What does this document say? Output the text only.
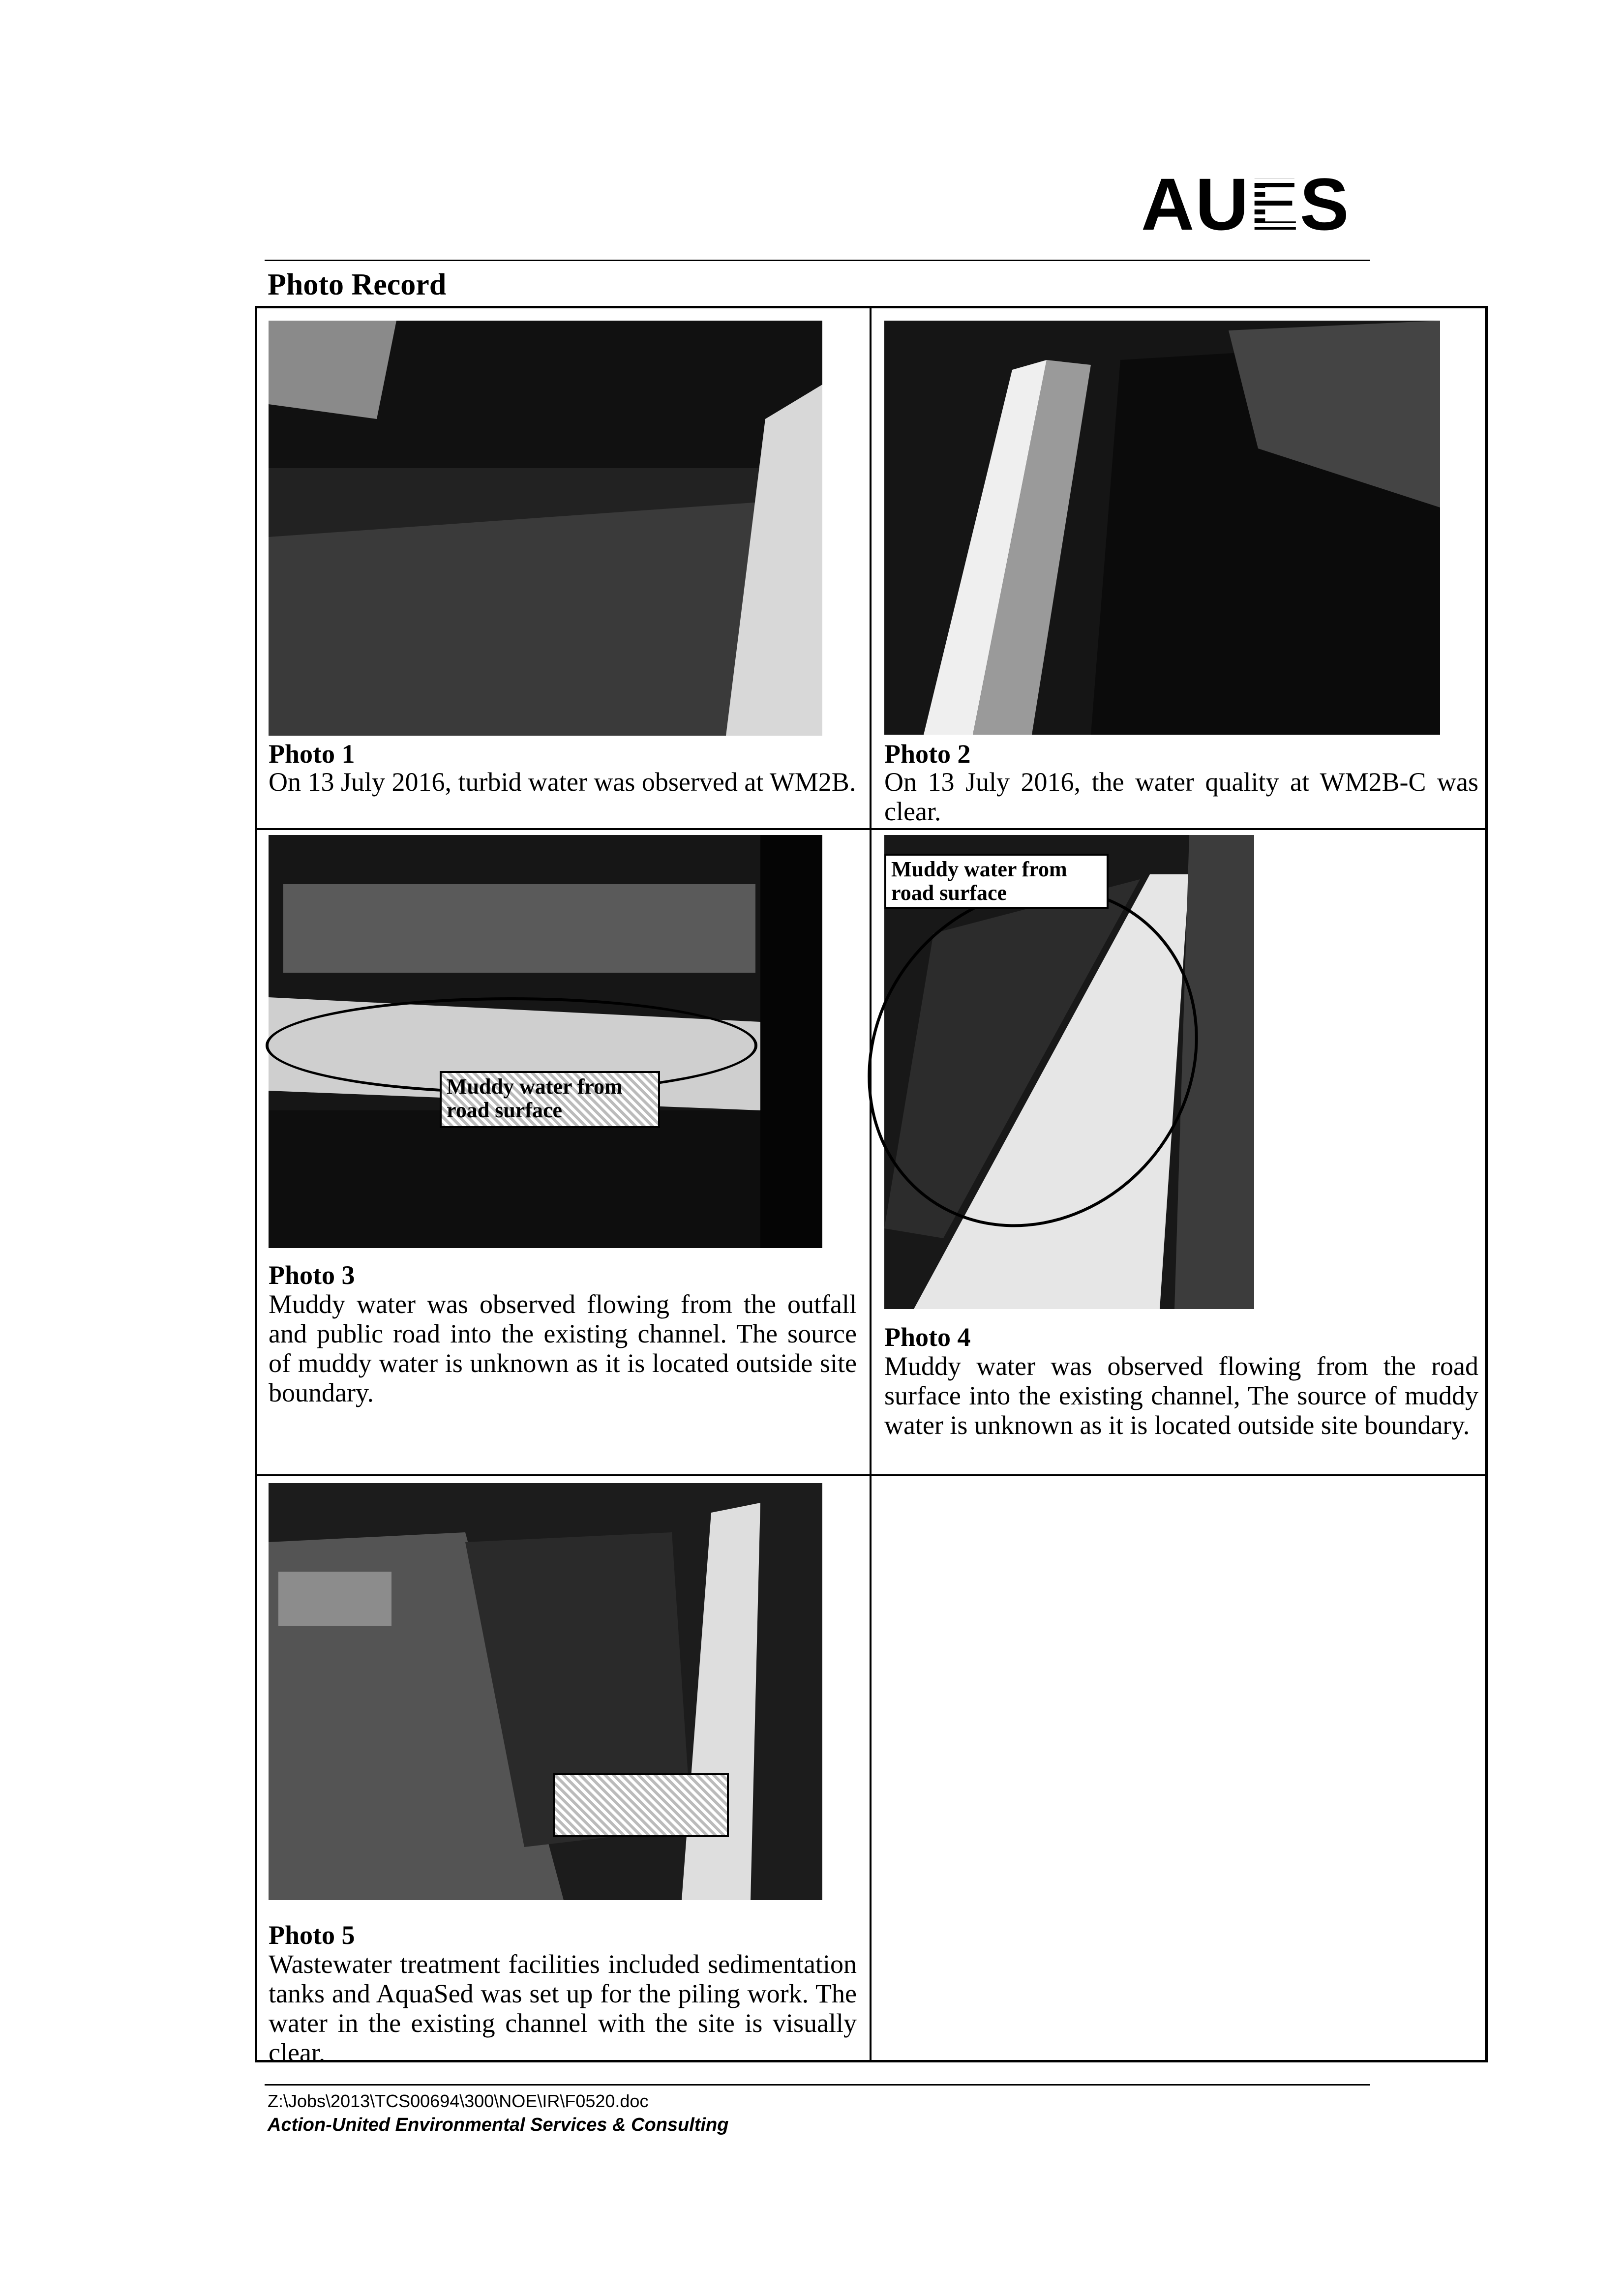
AUES
Photo Record
Photo 1
On 13 July 2016, turbid water was observed at WM2B.
Photo 2
On 13 July 2016, the water quality at WM2B-C was clear.
Muddy water from road surface
Photo 3
Muddy water was observed flowing from the outfall and public road into the existing channel. The source of muddy water is unknown as it is located outside site boundary.
Muddy water from road surface
Photo 4
Muddy water was observed flowing from the road surface into the existing channel, The source of muddy water is unknown as it is located outside site boundary.
Photo 5
Wastewater treatment facilities included sedimentation tanks and AquaSed was set up for the piling work. The water in the existing channel with the site is visually clear.
Z:\Jobs\2013\TCS00694\300\NOE\IR\F0520.doc
Action-United Environmental Services & Consulting
